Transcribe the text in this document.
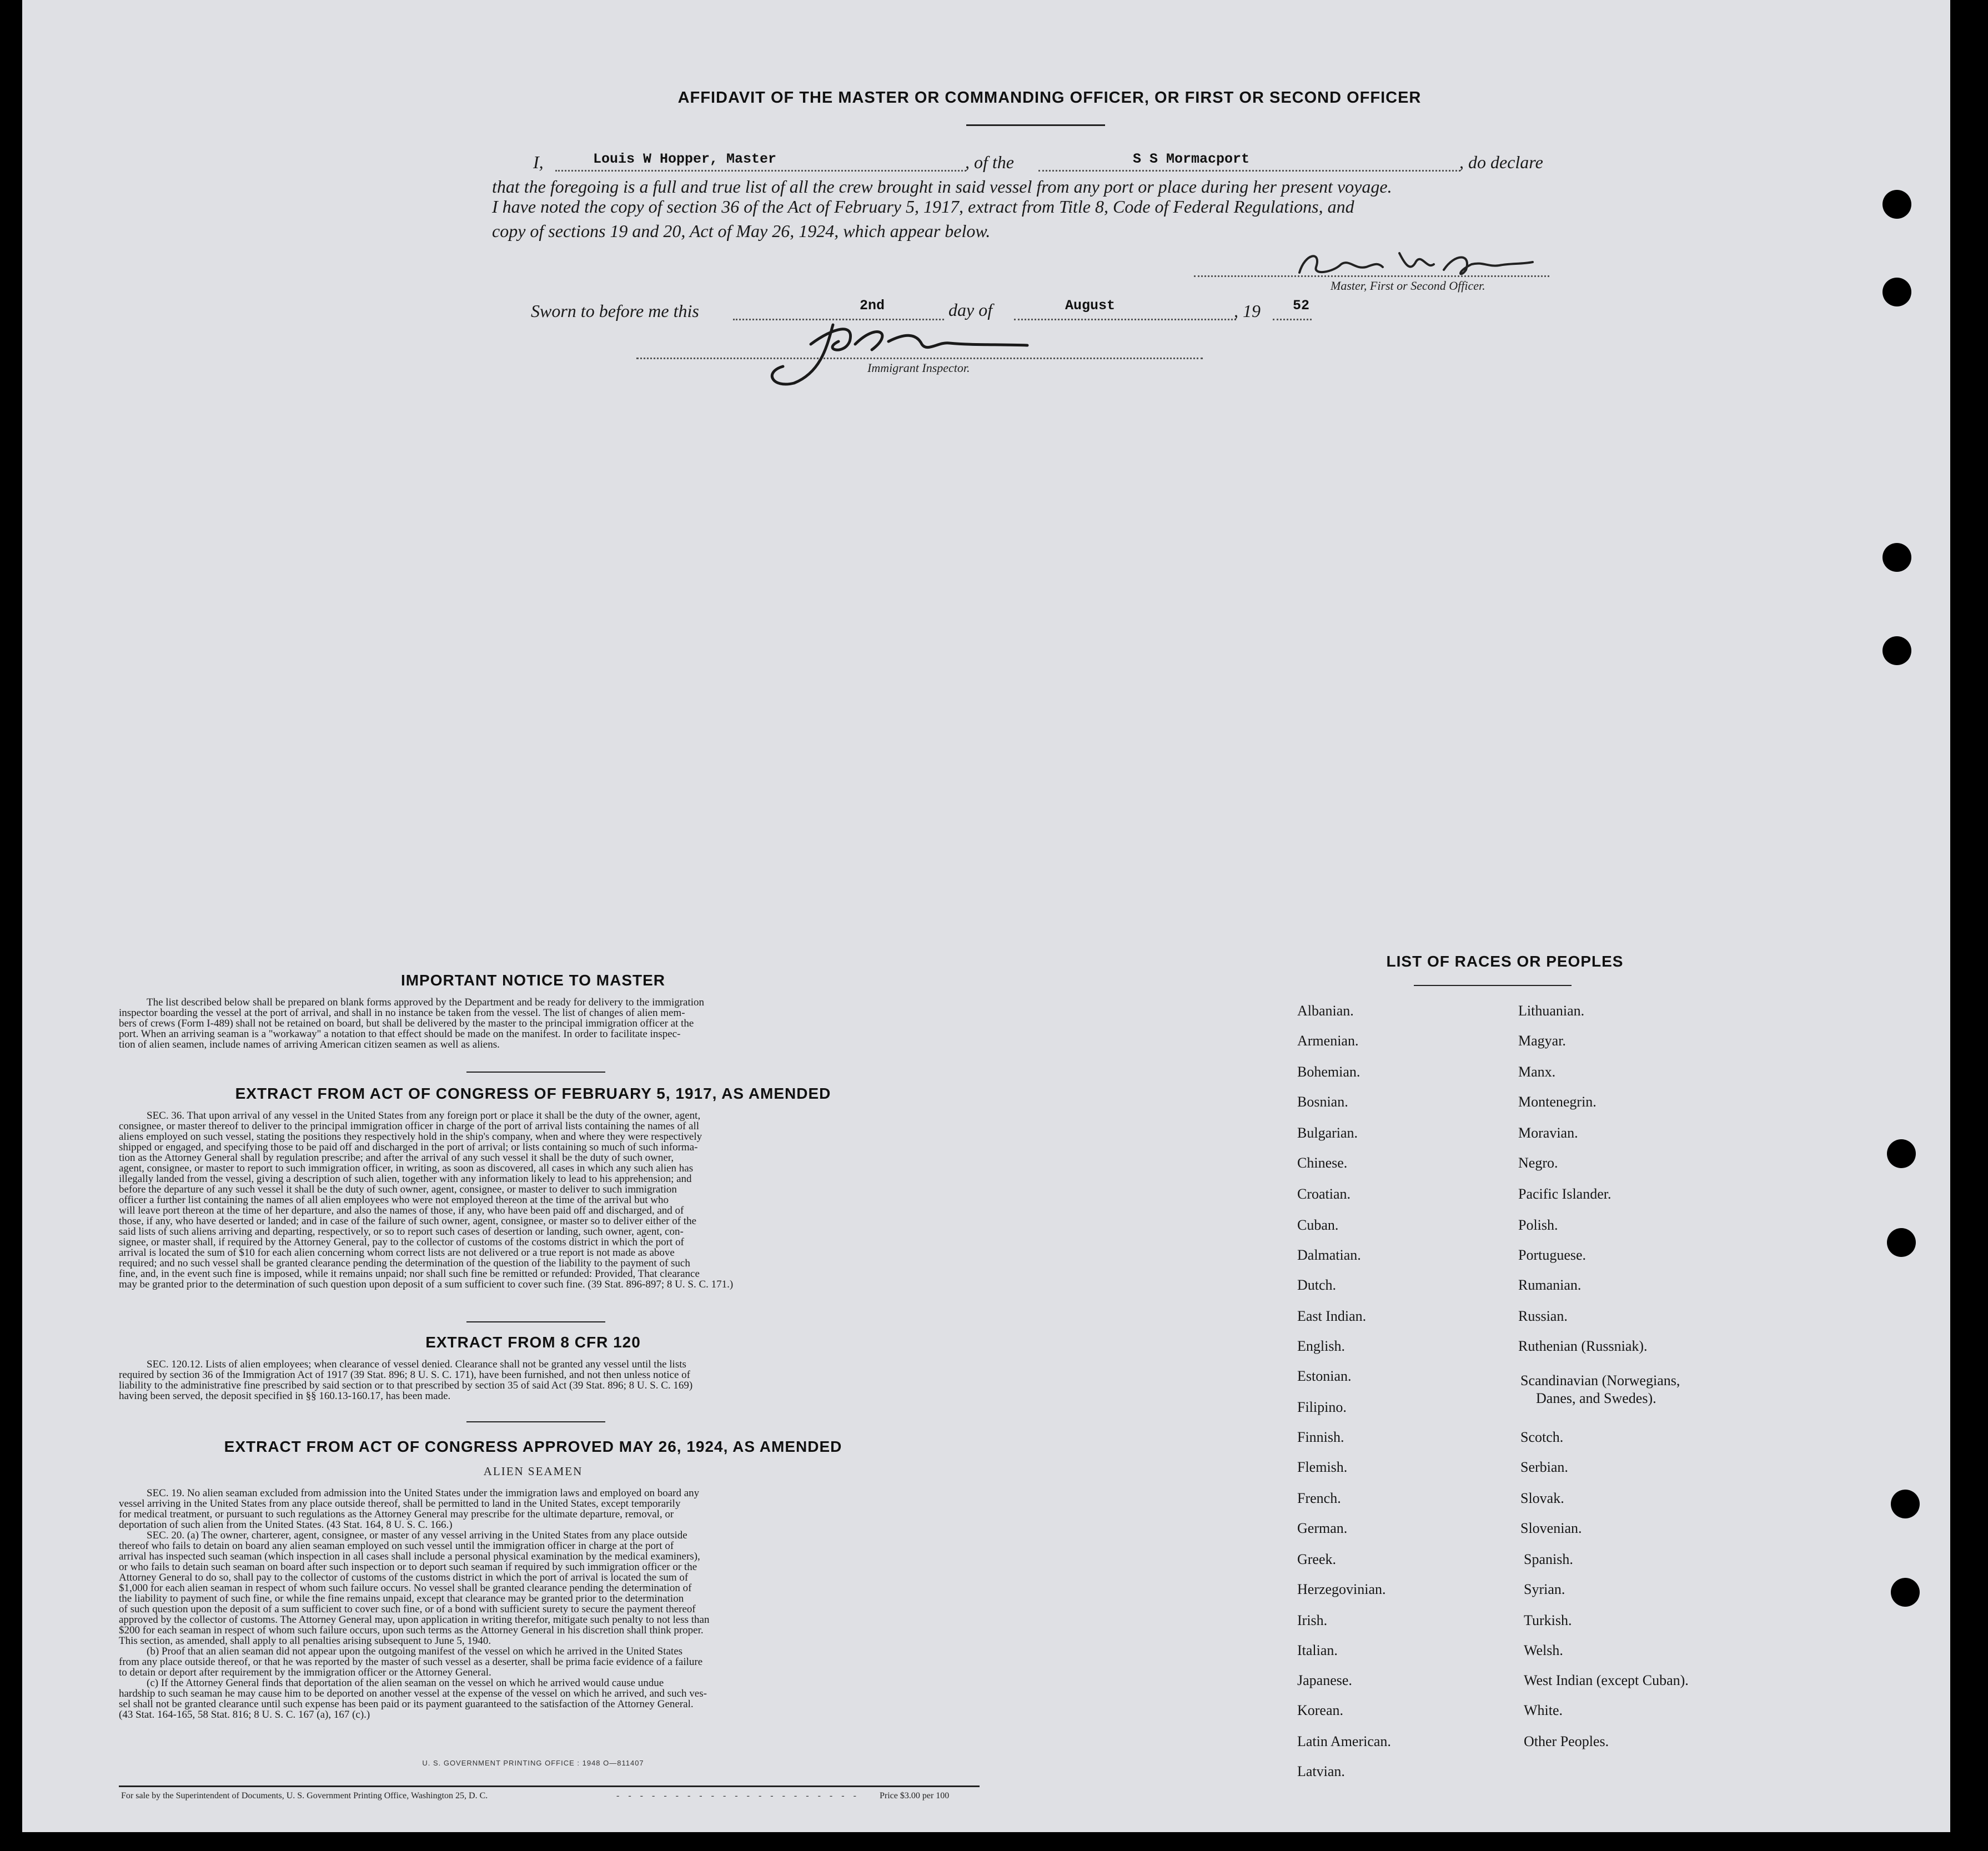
AFFIDAVIT OF THE MASTER OR COMMANDING OFFICER, OR FIRST OR SECOND OFFICER
I,	Louis W Hopper, Master	, of the	S S Mormacport	, do declare
that the foregoing is a full and true list of all the crew brought in said vessel from any port or place during her present voyage.
I have noted the copy of section 36 of the Act of February 5, 1917, extract from Title 8, Code of Federal Regulations, and
copy of sections 19 and 20, Act of May 26, 1924, which appear below.
Master, First or Second Officer.
Sworn to before me this	2nd	day of	August	, 19 52
Immigrant Inspector.
IMPORTANT NOTICE TO MASTER
The list described below shall be prepared on blank forms approved by the Department and be ready for delivery to the immigration
inspector boarding the vessel at the port of arrival, and shall in no instance be taken from the vessel. The list of changes of alien mem-
bers of crews (Form I-489) shall not be retained on board, but shall be delivered by the master to the principal immigration officer at the
port. When an arriving seaman is a "workaway" a notation to that effect should be made on the manifest. In order to facilitate inspec-
tion of alien seamen, include names of arriving American citizen seamen as well as aliens.
EXTRACT FROM ACT OF CONGRESS OF FEBRUARY 5, 1917, AS AMENDED
SEC. 36. That upon arrival of any vessel in the United States from any foreign port or place it shall be the duty of the owner, agent,
consignee, or master thereof to deliver to the principal immigration officer in charge of the port of arrival lists containing the names of all
aliens employed on such vessel, stating the positions they respectively hold in the ship's company, when and where they were respectively
shipped or engaged, and specifying those to be paid off and discharged in the port of arrival; or lists containing so much of such informa-
tion as the Attorney General shall by regulation prescribe; and after the arrival of any such vessel it shall be the duty of such owner,
agent, consignee, or master to report to such immigration officer, in writing, as soon as discovered, all cases in which any such alien has
illegally landed from the vessel, giving a description of such alien, together with any information likely to lead to his apprehension; and
before the departure of any such vessel it shall be the duty of such owner, agent, consignee, or master to deliver to such immigration
officer a further list containing the names of all alien employees who were not employed thereon at the time of the arrival but who
will leave port thereon at the time of her departure, and also the names of those, if any, who have been paid off and discharged, and of
those, if any, who have deserted or landed; and in case of the failure of such owner, agent, consignee, or master so to deliver either of the
said lists of such aliens arriving and departing, respectively, or so to report such cases of desertion or landing, such owner, agent, con-
signee, or master shall, if required by the Attorney General, pay to the collector of customs of the costoms district in which the port of
arrival is located the sum of $10 for each alien concerning whom correct lists are not delivered or a true report is not made as above
required; and no such vessel shall be granted clearance pending the determination of the question of the liability to the payment of such
fine, and, in the event such fine is imposed, while it remains unpaid; nor shall such fine be remitted or refunded: Provided, That clearance
may be granted prior to the determination of such question upon deposit of a sum sufficient to cover such fine. (39 Stat. 896-897; 8 U. S. C. 171.)
EXTRACT FROM 8 CFR 120
SEC. 120.12. Lists of alien employees; when clearance of vessel denied. Clearance shall not be granted any vessel until the lists
required by section 36 of the Immigration Act of 1917 (39 Stat. 896; 8 U. S. C. 171), have been furnished, and not then unless notice of
liability to the administrative fine prescribed by said section or to that prescribed by section 35 of said Act (39 Stat. 896; 8 U. S. C. 169)
having been served, the deposit specified in §§ 160.13-160.17, has been made.
EXTRACT FROM ACT OF CONGRESS APPROVED MAY 26, 1924, AS AMENDED
ALIEN SEAMEN
SEC. 19. No alien seaman excluded from admission into the United States under the immigration laws and employed on board any
vessel arriving in the United States from any place outside thereof, shall be permitted to land in the United States, except temporarily
for medical treatment, or pursuant to such regulations as the Attorney General may prescribe for the ultimate departure, removal, or
deportation of such alien from the United States. (43 Stat. 164, 8 U. S. C. 166.)
SEC. 20. (a) The owner, charterer, agent, consignee, or master of any vessel arriving in the United States from any place outside
thereof who fails to detain on board any alien seaman employed on such vessel until the immigration officer in charge at the port of
arrival has inspected such seaman (which inspection in all cases shall include a personal physical examination by the medical examiners),
or who fails to detain such seaman on board after such inspection or to deport such seaman if required by such immigration officer or the
Attorney General to do so, shall pay to the collector of customs of the customs district in which the port of arrival is located the sum of
$1,000 for each alien seaman in respect of whom such failure occurs. No vessel shall be granted clearance pending the determination of
the liability to payment of such fine, or while the fine remains unpaid, except that clearance may be granted prior to the determination
of such question upon the deposit of a sum sufficient to cover such fine, or of a bond with sufficient surety to secure the payment thereof
approved by the collector of customs. The Attorney General may, upon application in writing therefor, mitigate such penalty to not less than
$200 for each seaman in respect of whom such failure occurs, upon such terms as the Attorney General in his discretion shall think proper.
This section, as amended, shall apply to all penalties arising subsequent to June 5, 1940.
(b) Proof that an alien seaman did not appear upon the outgoing manifest of the vessel on which he arrived in the United States
from any place outside thereof, or that he was reported by the master of such vessel as a deserter, shall be prima facie evidence of a failure
to detain or deport after requirement by the immigration officer or the Attorney General.
(c) If the Attorney General finds that deportation of the alien seaman on the vessel on which he arrived would cause undue
hardship to such seaman he may cause him to be deported on another vessel at the expense of the vessel on which he arrived, and such ves-
sel shall not be granted clearance until such expense has been paid or its payment guaranteed to the satisfaction of the Attorney General.
(43 Stat. 164-165, 58 Stat. 816; 8 U. S. C. 167 (a), 167 (c).)
U. S. GOVERNMENT PRINTING OFFICE : 1948 O—811407
For sale by the Superintendent of Documents, U. S. Government Printing Office, Washington 25, D. C.	- - - - - - - - - - - - - - - - - - - - - Price $3.00 per 100
LIST OF RACES OR PEOPLES
Albanian.
Armenian.
Bohemian.
Bosnian.
Bulgarian.
Chinese.
Croatian.
Cuban.
Dalmatian.
Dutch.
East Indian.
English.
Estonian.
Filipino.
Finnish.
Flemish.
French.
German.
Greek.
Herzegovinian.
Irish.
Italian.
Japanese.
Korean.
Latin American.
Latvian.
Lithuanian.
Magyar.
Manx.
Montenegrin.
Moravian.
Negro.
Pacific Islander.
Polish.
Portuguese.
Rumanian.
Russian.
Ruthenian (Russniak).
Scandinavian (Norwegians,
Danes, and Swedes).
Scotch.
Serbian.
Slovak.
Slovenian.
Spanish.
Syrian.
Turkish.
Welsh.
West Indian (except Cuban).
White.
Other Peoples.
